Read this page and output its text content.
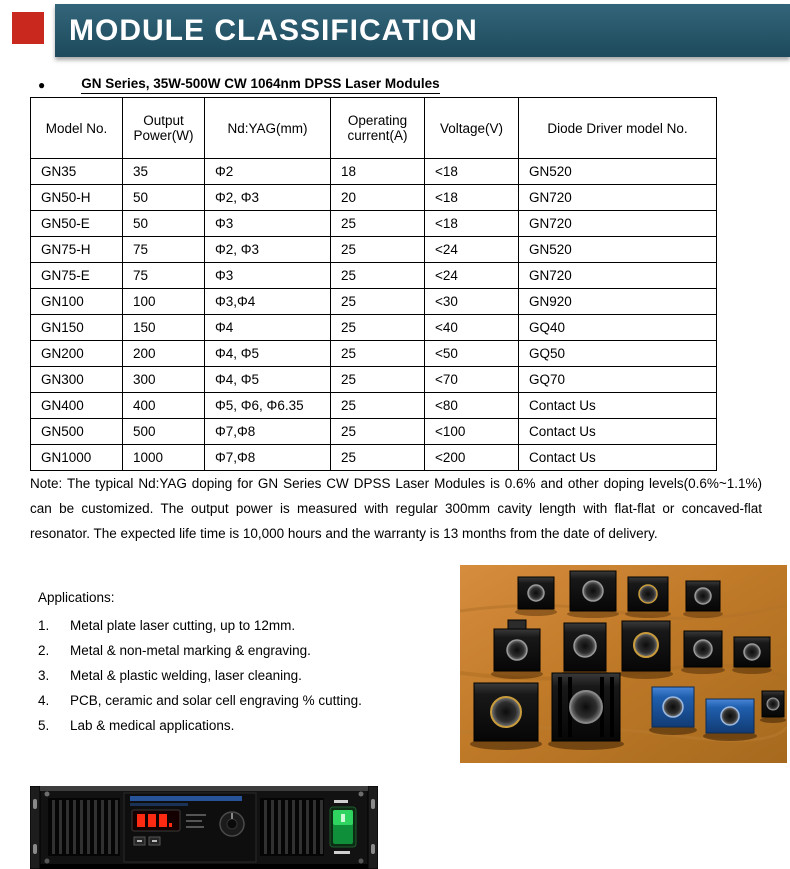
MODULE CLASSIFICATION
●	GN Series, 35W-500W CW 1064nm DPSS Laser Modules
Model No.	Output Power(W)	Nd:YAG(mm)	Operating current(A)	Voltage(V)	Diode Driver model No.
GN35	35	Φ2	18	<18	GN520
GN50-H	50	Φ2, Φ3	20	<18	GN720
GN50-E	50	Φ3	25	<18	GN720
GN75-H	75	Φ2, Φ3	25	<24	GN520
GN75-E	75	Φ3	25	<24	GN720
GN100	100	Φ3,Φ4	25	<30	GN920
GN150	150	Φ4	25	<40	GQ40
GN200	200	Φ4, Φ5	25	<50	GQ50
GN300	300	Φ4, Φ5	25	<70	GQ70
GN400	400	Φ5, Φ6, Φ6.35	25	<80	Contact Us
GN500	500	Φ7,Φ8	25	<100	Contact Us
GN1000	1000	Φ7,Φ8	25	<200	Contact Us

Note: The typical Nd:YAG doping for GN Series CW DPSS Laser Modules is 0.6% and other doping levels(0.6%~1.1%) can be customized. The output power is measured with regular 300mm cavity length with flat-flat or concaved-flat resonator. The expected life time is 10,000 hours and the warranty is 13 months from the date of delivery.

Applications:
1.	Metal plate laser cutting, up to 12mm.
2.	Metal & non-metal marking & engraving.
3.	Metal & plastic welding, laser cleaning.
4.	PCB, ceramic and solar cell engraving % cutting.
5.	Lab & medical applications.
